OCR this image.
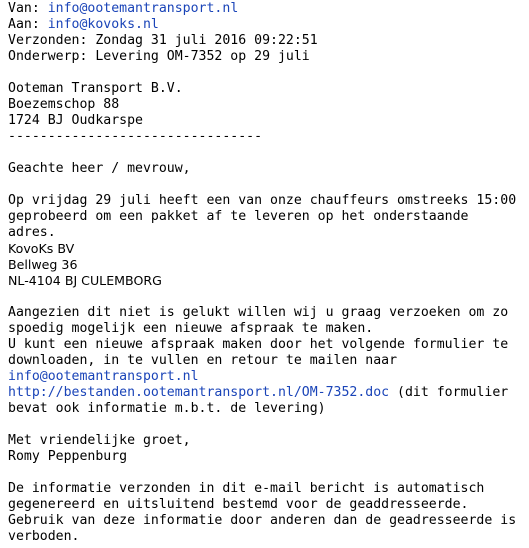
Van: info@ootemantransport.nl
Aan: info@kovoks.nl
Verzonden: Zondag 31 juli 2016 09:22:51
Onderwerp: Levering OM-7352 op 29 juli
Ooteman Transport B.V.
Boezemschop 88
1724 BJ Oudkarspe
--------------------------------
Geachte heer / mevrouw,
Op vrijdag 29 juli heeft een van onze chauffeurs omstreeks 15:00
geprobeerd om een pakket af te leveren op het onderstaande
adres.
KovoKs BV
Bellweg 36
NL-4104 BJ CULEMBORG
Aangezien dit niet is gelukt willen wij u graag verzoeken om zo
spoedig mogelijk een nieuwe afspraak te maken.
U kunt een nieuwe afspraak maken door het volgende formulier te
downloaden, in te vullen en retour te mailen naar
info@ootemantransport.nl
http://bestanden.ootemantransport.nl/OM-7352.doc (dit formulier
bevat ook informatie m.b.t. de levering)
Met vriendelijke groet,
Romy Peppenburg
De informatie verzonden in dit e-mail bericht is automatisch
gegenereerd en uitsluitend bestemd voor de geaddresseerde.
Gebruik van deze informatie door anderen dan de geadresseerde is
verboden.
